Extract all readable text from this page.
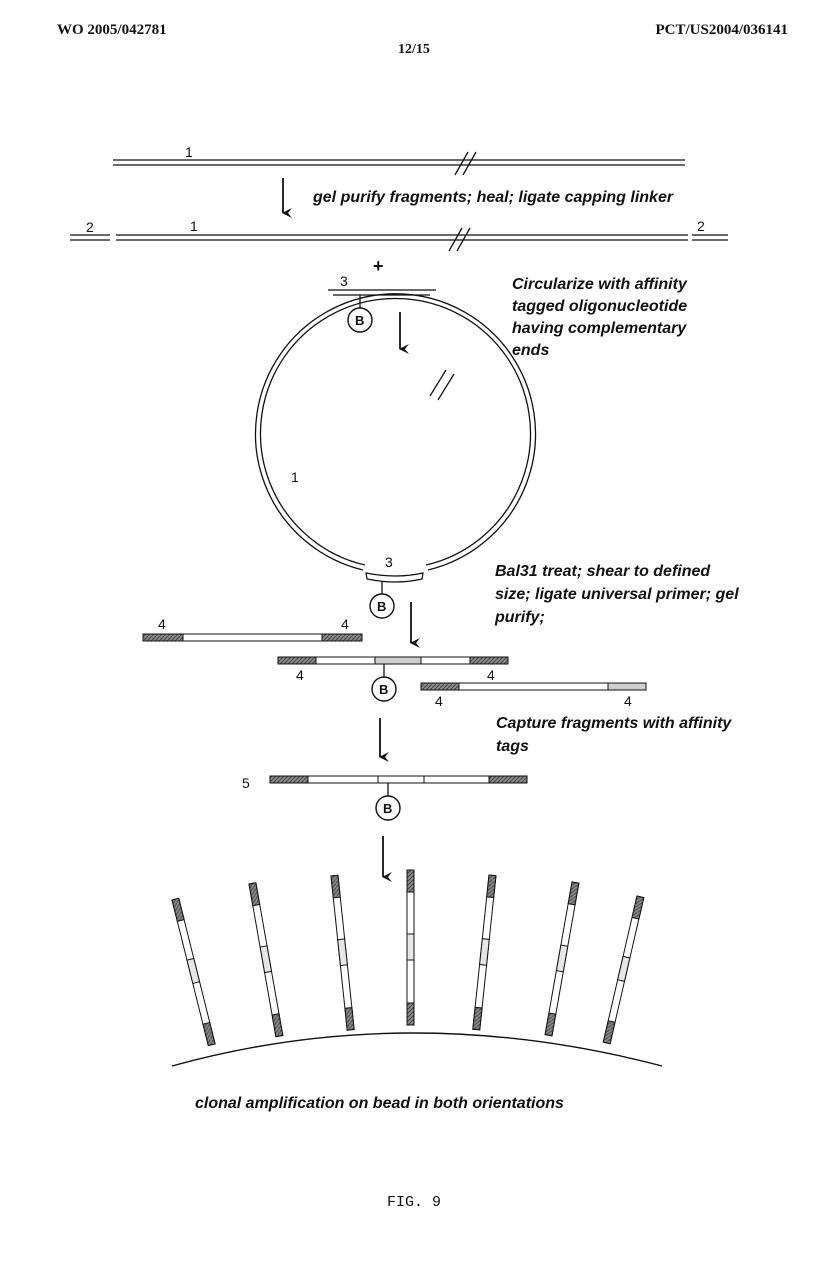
WO 2005/042781	PCT/US2004/036141
12/15
1
gel purify fragments; heal; ligate capping linker
2	1	2
+
3
B
Circularize with affinity
tagged oligonucleotide
having complementary
ends
1
3
B
Bal31 treat; shear to defined
size; ligate universal primer; gel
purify;
4	4
4	4
B
4	4
Capture fragments with affinity
tags
5
B
clonal amplification on bead in both orientations
FIG. 9
